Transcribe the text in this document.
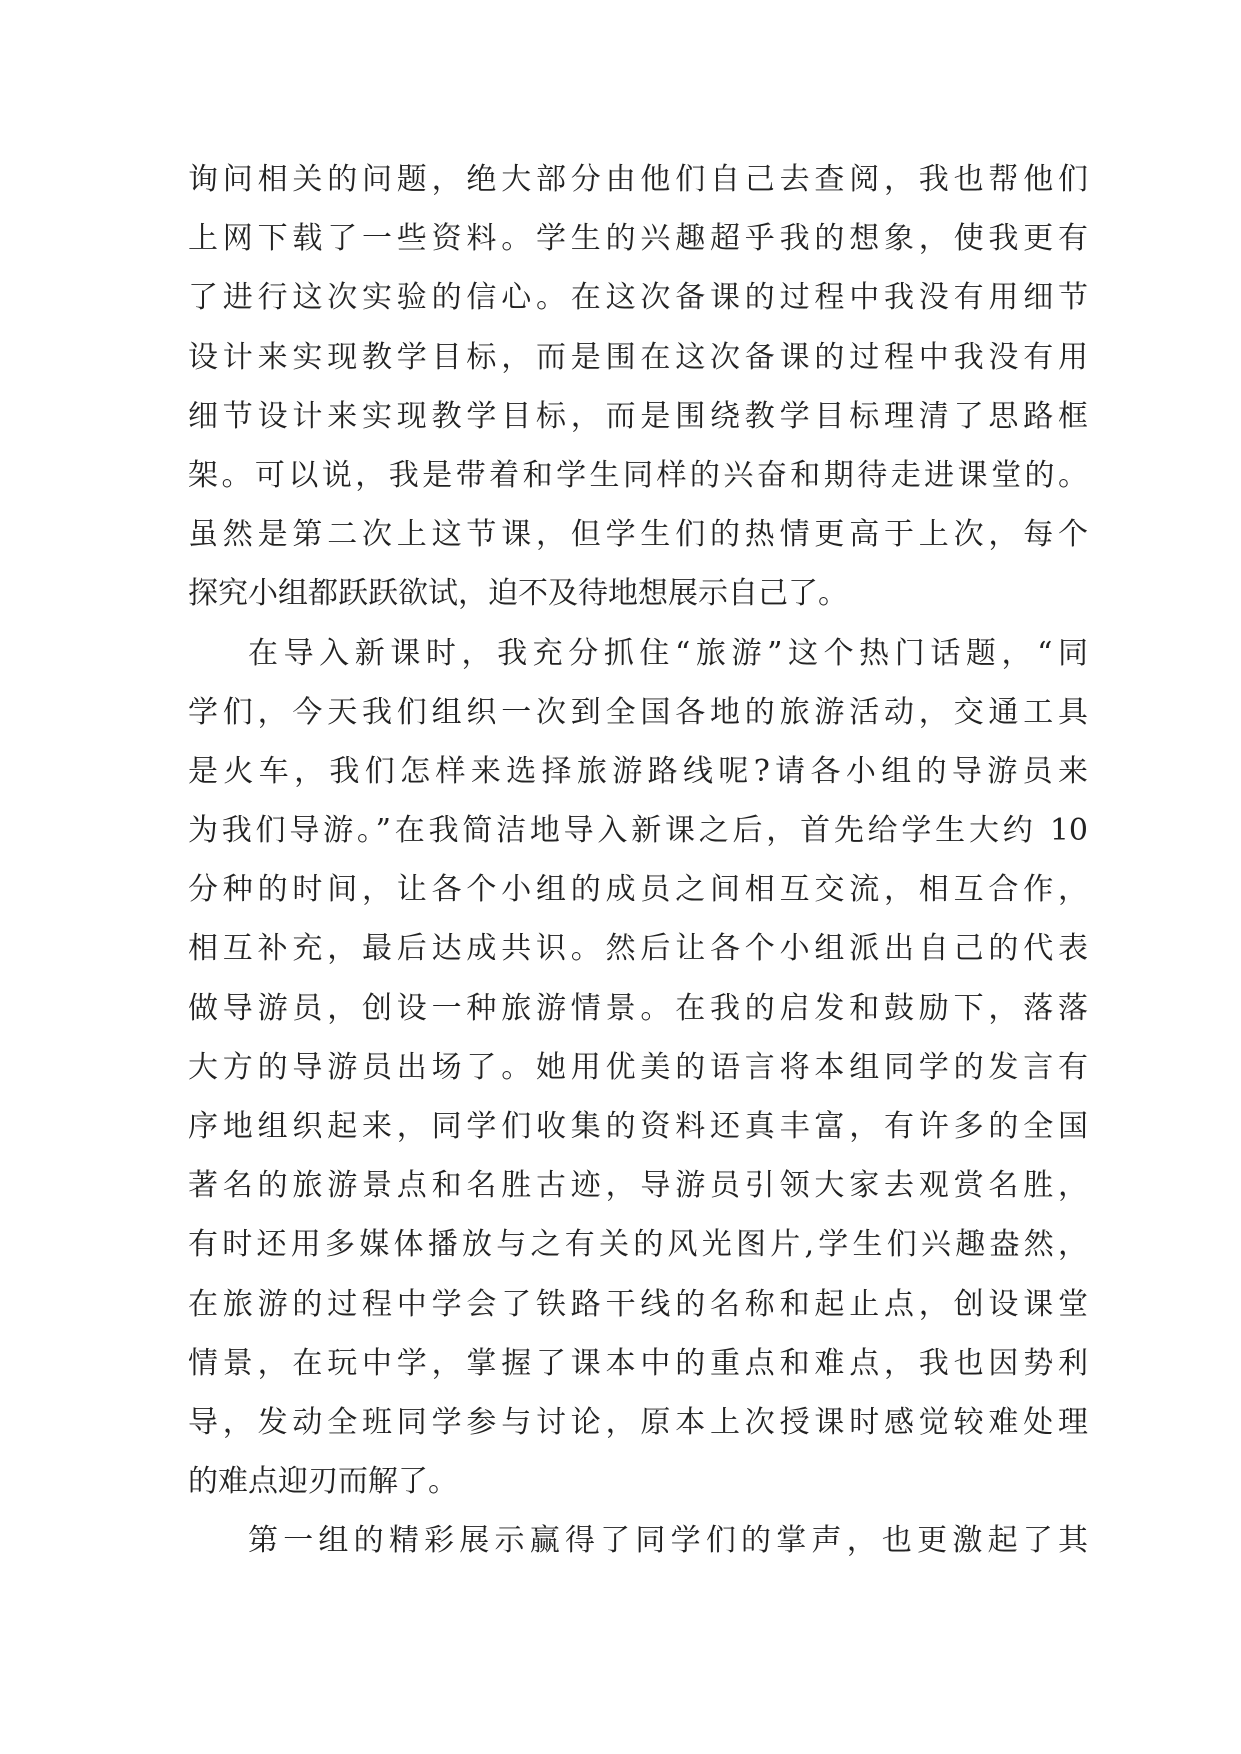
询问相关的问题，绝大部分由他们自己去查阅，我也帮他们
上网下载了一些资料。学生的兴趣超乎我的想象，使我更有
了进行这次实验的信心。在这次备课的过程中我没有用细节
设计来实现教学目标，而是围在这次备课的过程中我没有用
细节设计来实现教学目标，而是围绕教学目标理清了思路框
架。可以说，我是带着和学生同样的兴奋和期待走进课堂的。
虽然是第二次上这节课，但学生们的热情更高于上次，每个
探究小组都跃跃欲试，迫不及待地想展示自己了。
在导入新课时，我充分抓住“旅游”这个热门话题，“同
学们，今天我们组织一次到全国各地的旅游活动，交通工具
是火车，我们怎样来选择旅游路线呢?请各小组的导游员来
为我们导游。”在我简洁地导入新课之后，首先给学生大约 10
分种的时间，让各个小组的成员之间相互交流，相互合作，
相互补充，最后达成共识。然后让各个小组派出自己的代表
做导游员，创设一种旅游情景。在我的启发和鼓励下，落落
大方的导游员出场了。她用优美的语言将本组同学的发言有
序地组织起来，同学们收集的资料还真丰富，有许多的全国
著名的旅游景点和名胜古迹，导游员引领大家去观赏名胜，
有时还用多媒体播放与之有关的风光图片,学生们兴趣盎然，
在旅游的过程中学会了铁路干线的名称和起止点，创设课堂
情景，在玩中学，掌握了课本中的重点和难点，我也因势利
导，发动全班同学参与讨论，原本上次授课时感觉较难处理
的难点迎刃而解了。
第一组的精彩展示赢得了同学们的掌声，也更激起了其
